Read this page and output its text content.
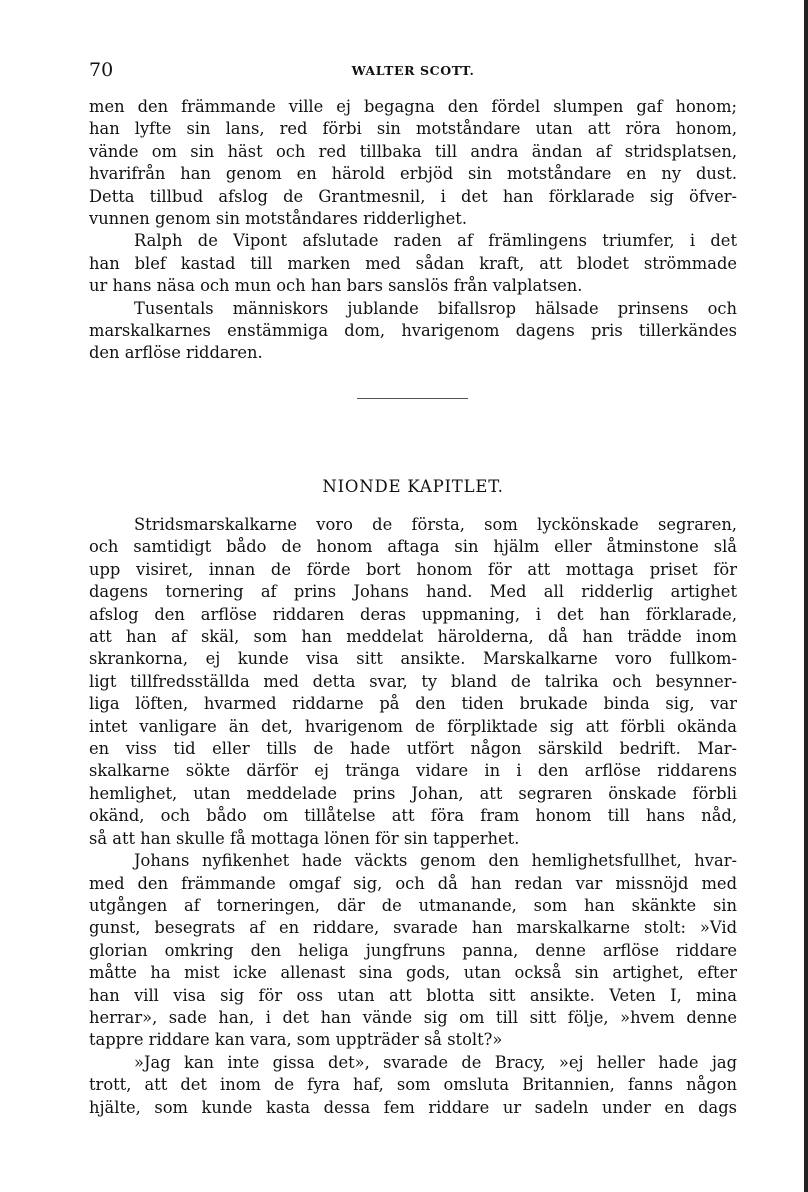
70	WALTER SCOTT.

men den främmande ville ej begagna den fördel slumpen gaf honom;

han lyfte sin lans, red förbi sin motståndare utan att röra honom,

vände om sin häst och red tillbaka till andra ändan af stridsplatsen,

hvarifrån han genom en härold erbjöd sin motståndare en ny dust.

Detta tillbud afslog de Grantmesnil, i det han förklarade sig öfver-

vunnen genom sin motståndares ridderlighet.

Ralph de Vipont afslutade raden af främlingens triumfer, i det

han blef kastad till marken med sådan kraft, att blodet strömmade

ur hans näsa och mun och han bars sanslös från valplatsen.

Tusentals människors jublande bifallsrop hälsade prinsens och

marskalkarnes enstämmiga dom, hvarigenom dagens pris tillerkändes

den arflöse riddaren.

NIONDE KAPITLET.

Stridsmarskalkarne voro de första, som lyckönskade segraren,

och samtidigt bådo de honom aftaga sin hjälm eller åtminstone slå

upp visiret, innan de förde bort honom för att mottaga priset för

dagens tornering af prins Johans hand. Med all ridderlig artighet

afslog den arflöse riddaren deras uppmaning, i det han förklarade,

att han af skäl, som han meddelat härolderna, då han trädde inom

skrankorna, ej kunde visa sitt ansikte. Marskalkarne voro fullkom-

ligt tillfredsställda med detta svar, ty bland de talrika och besynner-

liga löften, hvarmed riddarne på den tiden brukade binda sig, var

intet vanligare än det, hvarigenom de förpliktade sig att förbli okända

en viss tid eller tills de hade utfört någon särskild bedrift. Mar-

skalkarne sökte därför ej tränga vidare in i den arflöse riddarens

hemlighet, utan meddelade prins Johan, att segraren önskade förbli

okänd, och bådo om tillåtelse att föra fram honom till hans nåd,

så att han skulle få mottaga lönen för sin tapperhet.

Johans nyfikenhet hade väckts genom den hemlighetsfullhet, hvar-

med den främmande omgaf sig, och då han redan var missnöjd med

utgången af torneringen, där de utmanande, som han skänkte sin

gunst, besegrats af en riddare, svarade han marskalkarne stolt: »Vid

glorian omkring den heliga jungfruns panna, denne arflöse riddare

måtte ha mist icke allenast sina gods, utan också sin artighet, efter

han vill visa sig för oss utan att blotta sitt ansikte. Veten I, mina

herrar», sade han, i det han vände sig om till sitt följe, »hvem denne

tappre riddare kan vara, som uppträder så stolt?»

»Jag kan inte gissa det», svarade de Bracy, »ej heller hade jag

trott, att det inom de fyra haf, som omsluta Britannien, fanns någon

hjälte, som kunde kasta dessa fem riddare ur sadeln under en dags
